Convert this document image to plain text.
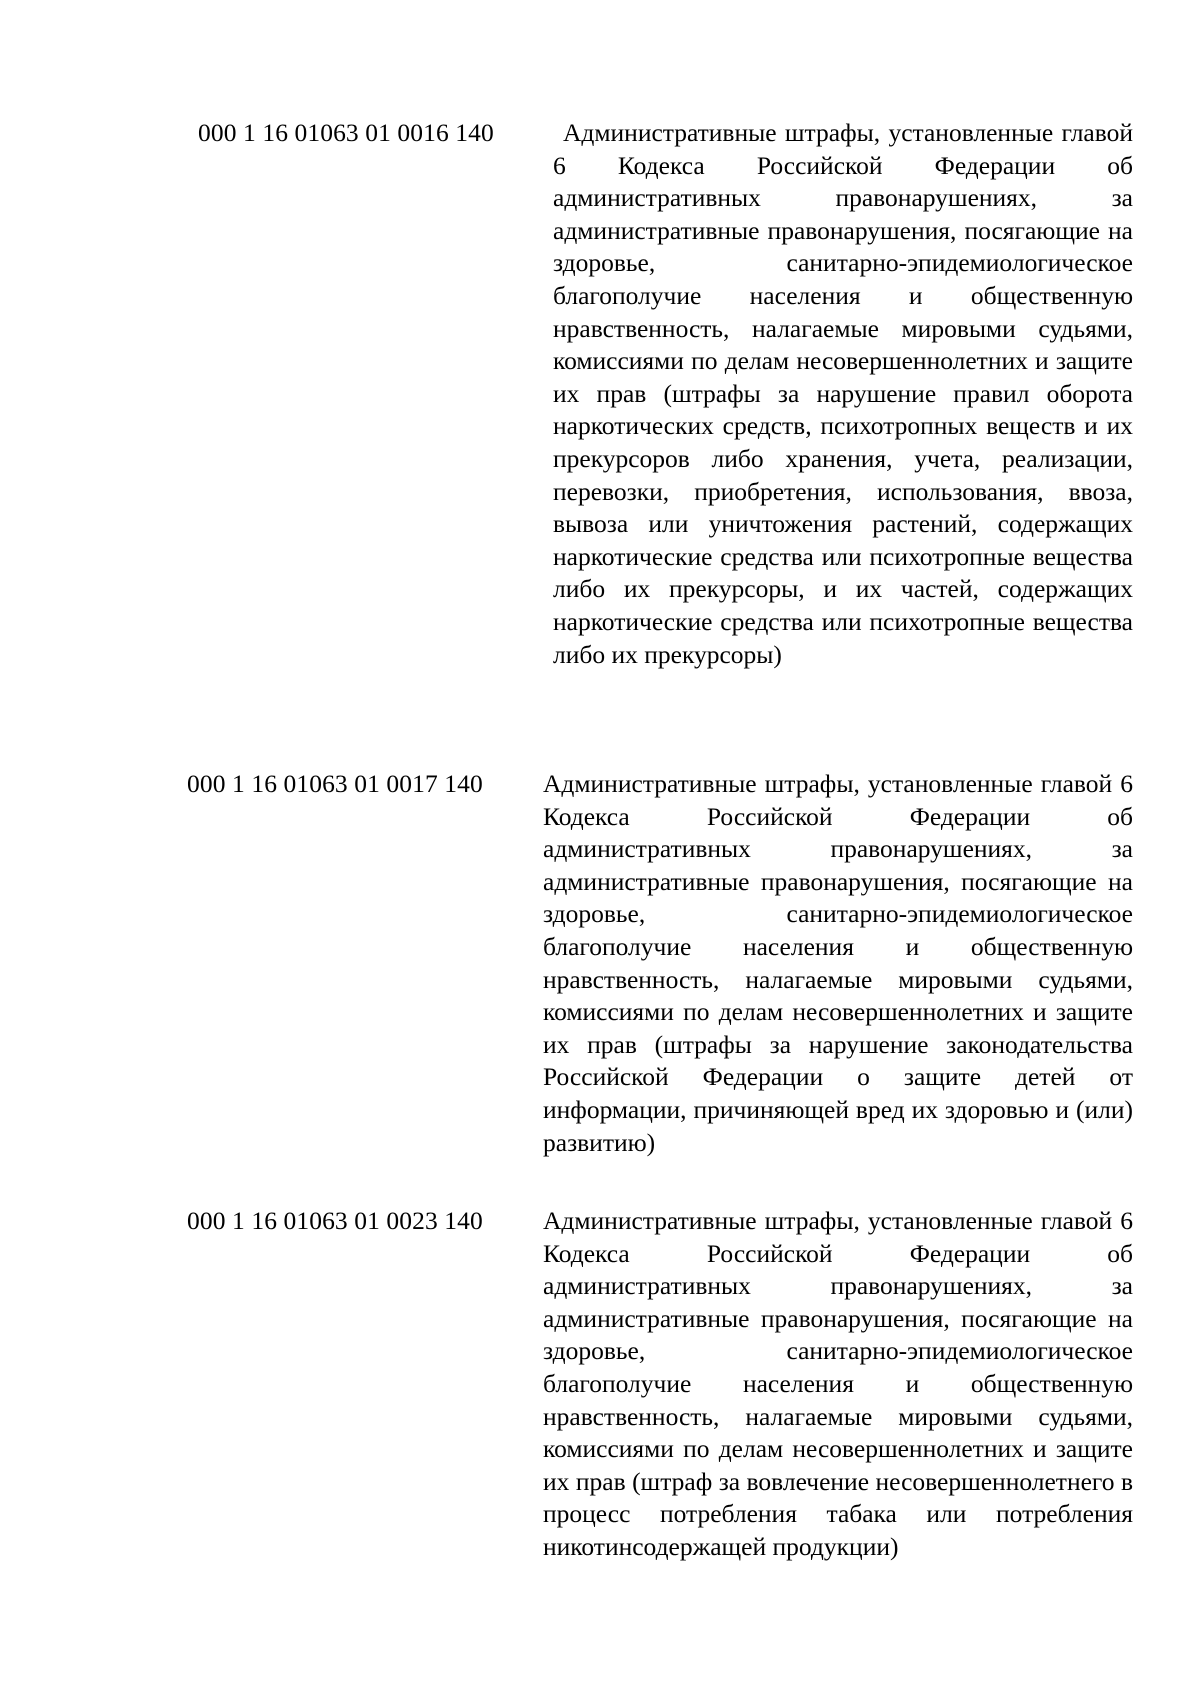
000 1 16 01063 01 0016 140	Административные штрафы, установленные главой 6 Кодекса Российской Федерации об административных правонарушениях, за административные правонарушения, посягающие на здоровье, санитарно-эпидемиологическое благополучие населения и общественную нравственность, налагаемые мировыми судьями, комиссиями по делам несовершеннолетних и защите их прав (штрафы за нарушение правил оборота наркотических средств, психотропных веществ и их прекурсоров либо хранения, учета, реализации, перевозки, приобретения, использования, ввоза, вывоза или уничтожения растений, содержащих наркотические средства или психотропные вещества либо их прекурсоры, и их частей, содержащих наркотические средства или психотропные вещества либо их прекурсоры)
000 1 16 01063 01 0017 140 Административные штрафы, установленные главой 6 Кодекса Российской Федерации об административных правонарушениях, за административные правонарушения, посягающие на здоровье, санитарно-эпидемиологическое благополучие населения и общественную нравственность, налагаемые мировыми судьями, комиссиями по делам несовершеннолетних и защите их прав (штрафы за нарушение законодательства Российской Федерации о защите детей от информации, причиняющей вред их здоровью и (или) развитию)
000 1 16 01063 01 0023 140 Административные штрафы, установленные главой 6 Кодекса Российской Федерации об административных правонарушениях, за административные правонарушения, посягающие на здоровье, санитарно-эпидемиологическое благополучие населения и общественную нравственность, налагаемые мировыми судьями, комиссиями по делам несовершеннолетних и защите их прав (штраф за вовлечение несовершеннолетнего в процесс потребления табака или потребления никотинсодержащей продукции)
